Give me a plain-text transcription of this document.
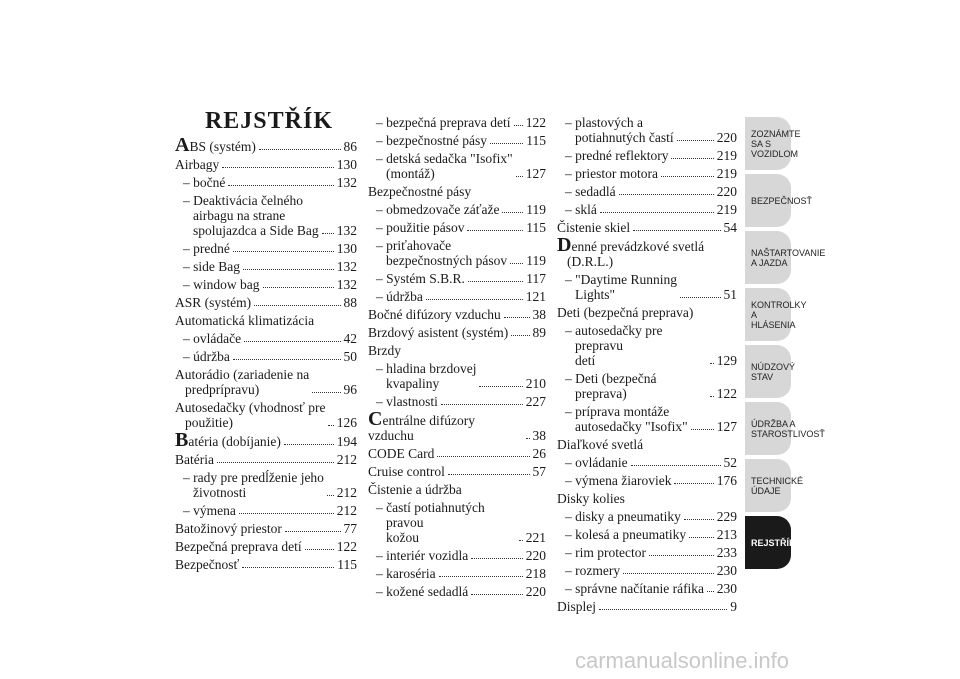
REJSTŘÍK
ABS (systém)	86
Airbagy	130
– bočné	132
– Deaktivácia čelného
airbagu na strane
spolujazdca a Side Bag 132
– predné	130
– side Bag	132
– window bag	132
ASR (systém)	88
Automatická klimatizácia
– ovládače	42
– údržba	50
Autorádio (zariadenie na
predprípravu)	96
Autosedačky (vhodnosť pre
použitie)	126
Batéria (dobíjanie)	194
Batéria	212
– rady pre predĺženie jeho
životnosti	212
– výmena	212
Batožinový priestor	77
Bezpečná preprava detí	122
Bezpečnosť	115
– bezpečná preprava detí 122
– bezpečnostné pásy	115
– detská sedačka "Isofix"
(montáž)	127
Bezpečnostné pásy
– obmedzovače záťaže 119
– použitie pásov	115
– priťahovače
bezpečnostných pásov 119
– Systém S.B.R.	117
– údržba	121
Bočné difúzory vzduchu 38
Brzdový asistent (systém) 89
Brzdy
– hladina brzdovej
kvapaliny	210
– vlastnosti	227
Centrálne difúzory vzduchu	38
CODE Card	26
Cruise control	57
Čistenie a údržba
– častí potiahnutých pravou
kožou	221
– interiér vozidla	220
– karoséria	218
– kožené sedadlá	220
– plastových a
potiahnutých častí	220
– predné reflektory	219
– priestor motora	219
– sedadlá	220
– sklá	219
Čistenie skiel	54
Denné prevádzkové svetlá
(D.R.L.)
– "Daytime Running
Lights"	51
Deti (bezpečná preprava)
– autosedačky pre prepravu
detí	129
– Deti (bezpečná preprava)	122
– príprava montáže
autosedačky "Isofix" 127
Diaľkové svetlá
– ovládanie	52
– výmena žiaroviek	176
Disky kolies
– disky a pneumatiky	229
– kolesá a pneumatiky 213
– rim protector	233
– rozmery	230
– správne načítanie ráfika 230
Displej	9
ZOZNÁMTE SA S
VOZIDLOM
BEZPEČNOSŤ
NAŠTARTOVANIE
A JAZDA
KONTROLKY A
HLÁSENIA
NÚDZOVÝ STAV
ÚDRŽBA A
STAROSTLIVOSŤ
TECHNICKÉ
ÚDAJE
REJSTŘÍK
291
carmanualsonline.info
